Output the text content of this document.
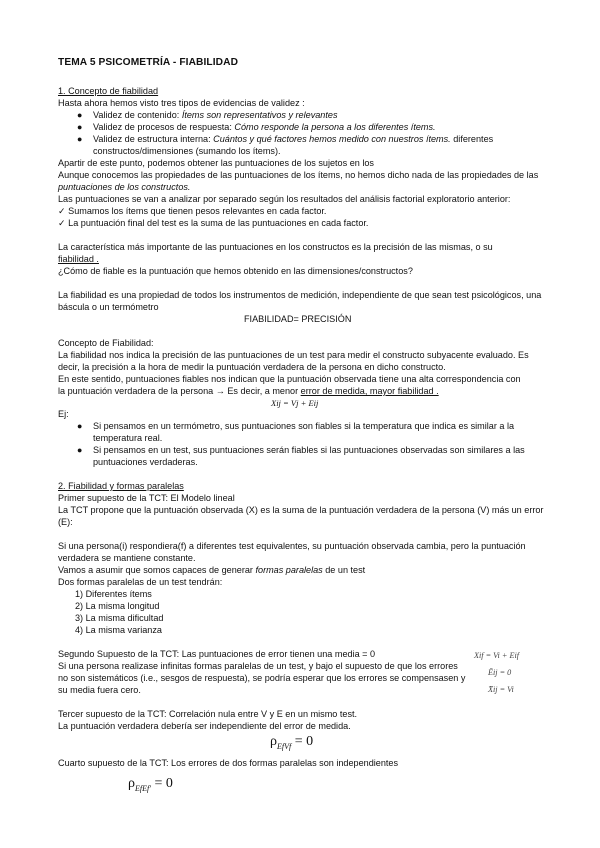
TEMA 5 PSICOMETRÍA - FIABILIDAD
1. Concepto de fiabilidad
Hasta ahora hemos visto tres tipos de evidencias de validez :
● Validez de contenido: Ítems son representativos y relevantes
● Validez de procesos de respuesta: Cómo responde la persona a los diferentes ítems.
● Validez de estructura interna: Cuántos y qué factores hemos medido con nuestros ítems. diferentes
constructos/dimensiones (sumando los ítems).
Apartir de este punto, podemos obtener las puntuaciones de los sujetos en los
Aunque conocemos las propiedades de las puntuaciones de los ítems, no hemos dicho nada de las propiedades de las
puntuaciones de los constructos.
Las puntuaciones se van a analizar por separado según los resultados del análisis factorial exploratorio anterior:
✓ Sumamos los ítems que tienen pesos relevantes en cada factor.
✓ La puntuación final del test es la suma de las puntuaciones en cada factor.
La característica más importante de las puntuaciones en los constructos es la precisión de las mismas, o su
fiabilidad .
¿Cómo de fiable es la puntuación que hemos obtenido en las dimensiones/constructos?
La fiabilidad es una propiedad de todos los instrumentos de medición, independiente de que sean test psicológicos, una
báscula o un termómetro
FIABILIDAD= PRECISIÓN
Concepto de Fiabilidad:
La fiabilidad nos indica la precisión de las puntuaciones de un test para medir el constructo subyacente evaluado. Es
decir, la precisión a la hora de medir la puntuación verdadera de la persona en dicho constructo.
En este sentido, puntuaciones fiables nos indican que la puntuación observada tiene una alta correspondencia con
la puntuación verdadera de la persona → Es decir, a menor error de medida, mayor fiabilidad .
Xij = Vj + Eij
Ej:
● Si pensamos en un termómetro, sus puntuaciones son fiables si la temperatura que indica es similar a la
temperatura real.
● Si pensamos en un test, sus puntuaciones serán fiables si las puntuaciones observadas son similares a las
puntuaciones verdaderas.
2. Fiabilidad y formas paralelas
Primer supuesto de la TCT: El Modelo lineal
La TCT propone que la puntuación observada (X) es la suma de la puntuación verdadera de la persona (V) más un error
(E):
Si una persona(i) respondiera(f) a diferentes test equivalentes, su puntuación observada cambia, pero la puntuación
verdadera se mantiene constante.
Vamos a asumir que somos capaces de generar formas paralelas de un test
Dos formas paralelas de un test tendrán:
1) Diferentes ítems
2) La misma longitud
3) La misma dificultad
4) La misma varianza
Segundo Supuesto de la TCT: Las puntuaciones de error tienen una media = 0
Si una persona realizase infinitas formas paralelas de un test, y bajo el supuesto de que los errores
no son sistemáticos (i.e., sesgos de respuesta), se podría esperar que los errores se compensasen y
su media fuera cero.
Xif = Vi + Eif
Ēij = 0
X̄ij = Vi
Tercer supuesto de la TCT: Correlación nula entre V y E en un mismo test.
La puntuación verdadera debería ser independiente del error de medida.
$\rho_{EfVf} = 0$
Cuarto supuesto de la TCT: Los errores de dos formas paralelas son independientes
$\rho_{EfEf'} = 0$
